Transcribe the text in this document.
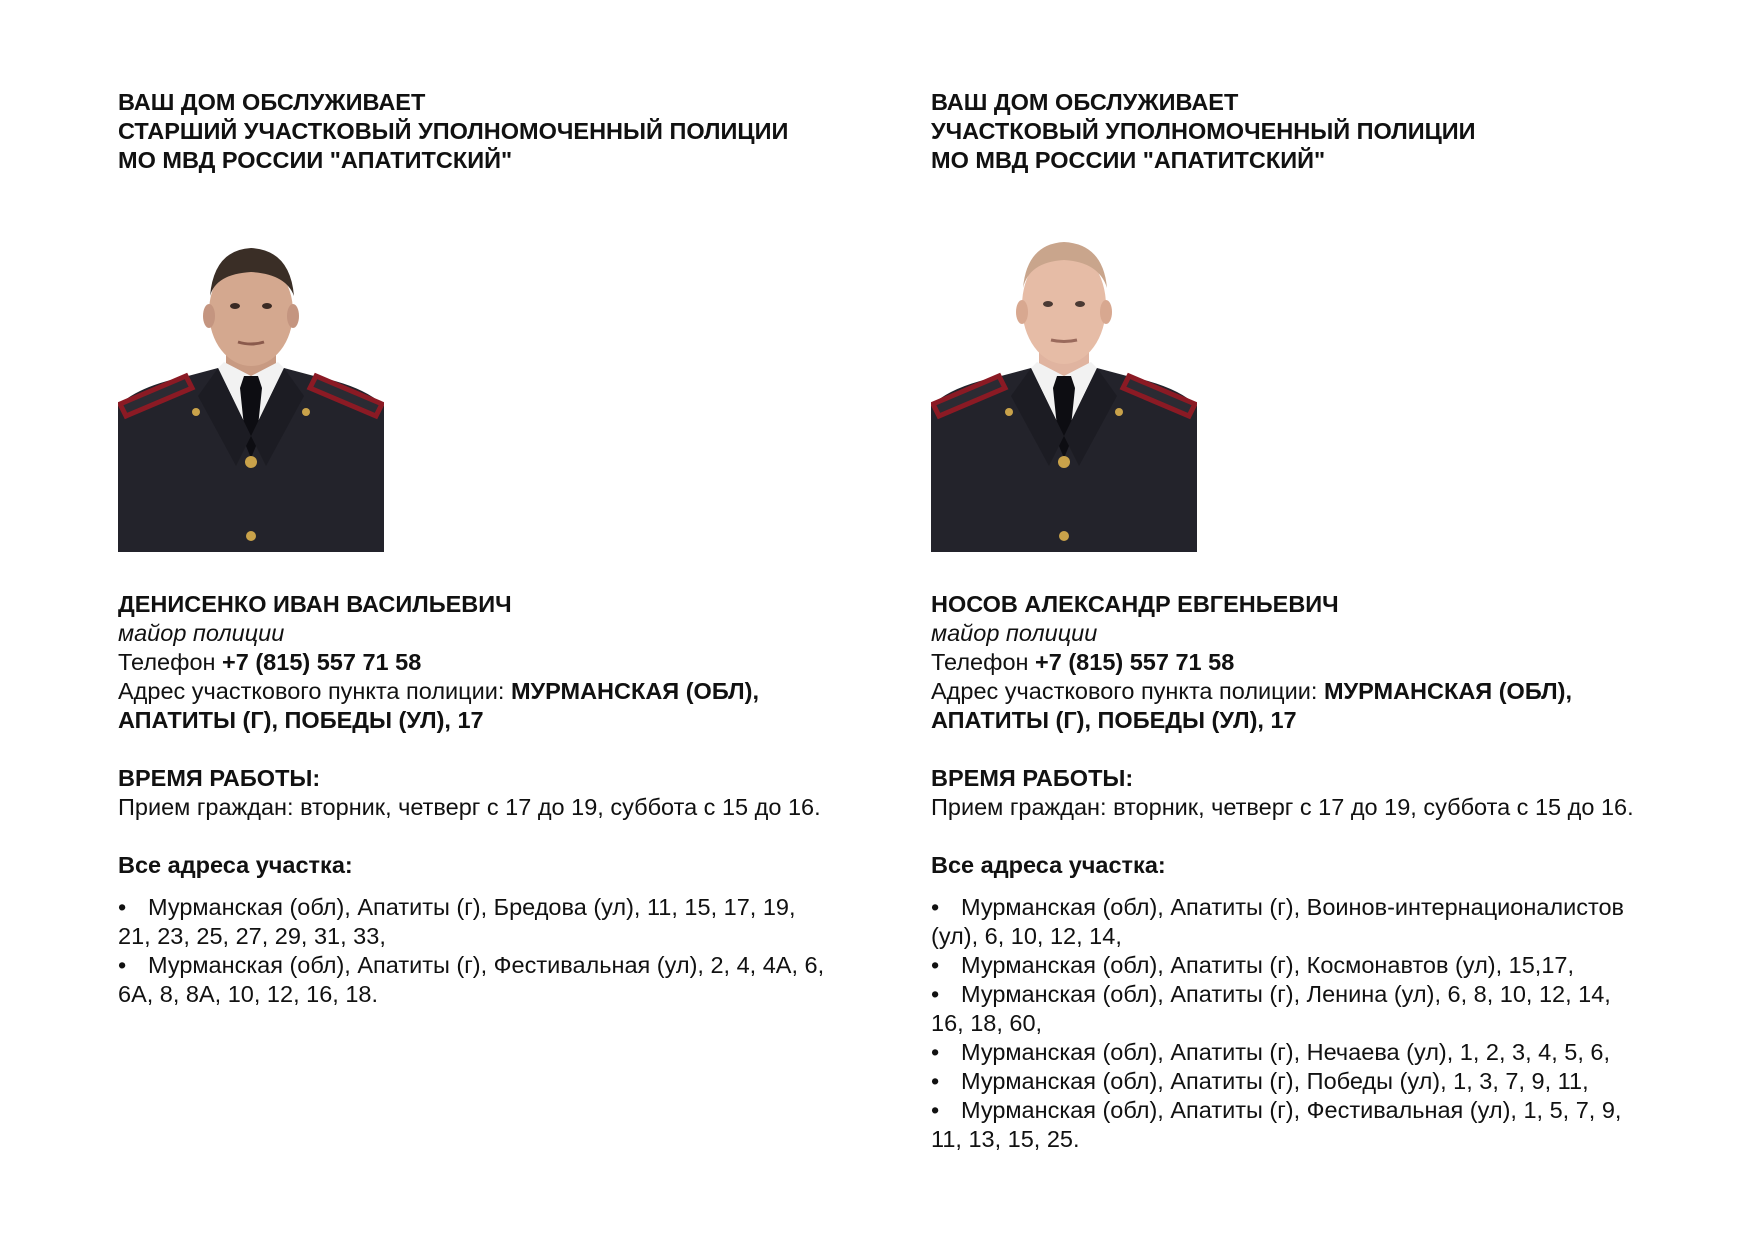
ВАШ ДОМ ОБСЛУЖИВАЕТ
СТАРШИЙ УЧАСТКОВЫЙ УПОЛНОМОЧЕННЫЙ ПОЛИЦИИ
МО МВД РОССИИ "АПАТИТСКИЙ"
ДЕНИСЕНКО ИВАН ВАСИЛЬЕВИЧ
майор полиции
Телефон +7 (815) 557 71 58
Адрес участкового пункта полиции: МУРМАНСКАЯ (ОБЛ),
АПАТИТЫ (Г), ПОБЕДЫ (УЛ), 17
ВРЕМЯ РАБОТЫ:
Прием граждан: вторник, четверг с 17 до 19, суббота с 15 до 16.
Все адреса участка:
• Мурманская (обл), Апатиты (г), Бредова (ул), 11, 15, 17, 19,
21, 23, 25, 27, 29, 31, 33,
• Мурманская (обл), Апатиты (г), Фестивальная (ул), 2, 4, 4А, 6,
6А, 8, 8А, 10, 12, 16, 18.
ВАШ ДОМ ОБСЛУЖИВАЕТ
УЧАСТКОВЫЙ УПОЛНОМОЧЕННЫЙ ПОЛИЦИИ
МО МВД РОССИИ "АПАТИТСКИЙ"
НОСОВ АЛЕКСАНДР ЕВГЕНЬЕВИЧ
майор полиции
Телефон +7 (815) 557 71 58
Адрес участкового пункта полиции: МУРМАНСКАЯ (ОБЛ),
АПАТИТЫ (Г), ПОБЕДЫ (УЛ), 17
ВРЕМЯ РАБОТЫ:
Прием граждан: вторник, четверг с 17 до 19, суббота с 15 до 16.
Все адреса участка:
• Мурманская (обл), Апатиты (г), Воинов-интернационалистов
(ул), 6, 10, 12, 14,
• Мурманская (обл), Апатиты (г), Космонавтов (ул), 15,17,
• Мурманская (обл), Апатиты (г), Ленина (ул), 6, 8, 10, 12, 14,
16, 18, 60,
• Мурманская (обл), Апатиты (г), Нечаева (ул), 1, 2, 3, 4, 5, 6,
• Мурманская (обл), Апатиты (г), Победы (ул), 1, 3, 7, 9, 11,
• Мурманская (обл), Апатиты (г), Фестивальная (ул), 1, 5, 7, 9,
11, 13, 15, 25.
